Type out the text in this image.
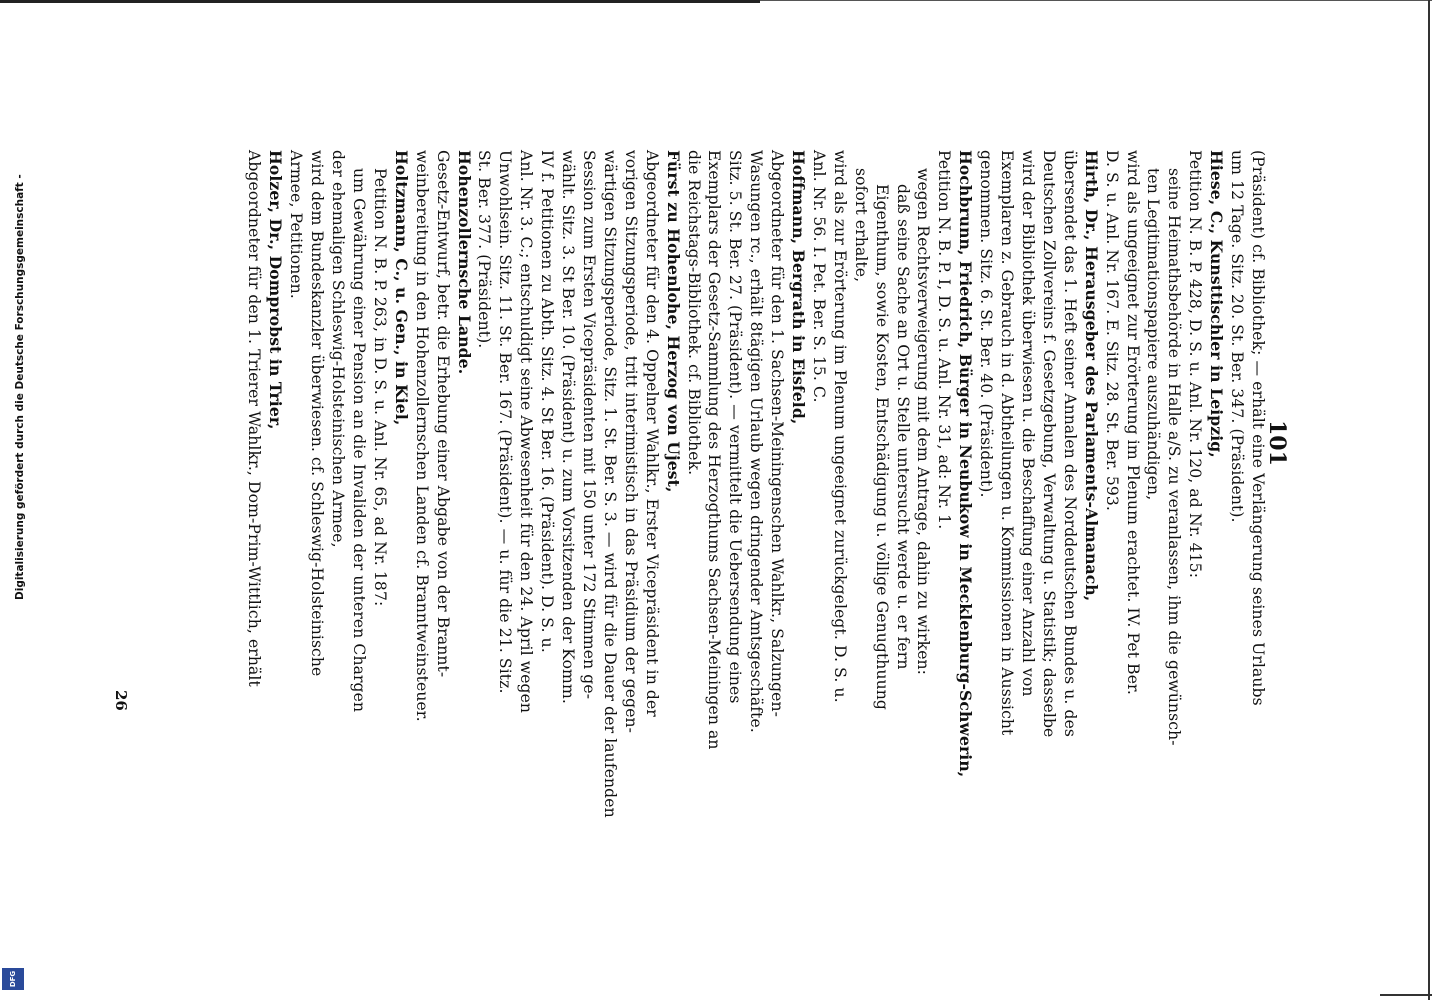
101
(Präsident) cf. Bibliothek; — erhält eine Verlängerung seines Urlaubs
um 12 Tage. Sitz. 20. St. Ber. 347. (Präsident).
Hiese, C., Kunsttischler in Leipzig,
Petition N. B. P. 428, D. S. u. Anl. Nr. 120, ad Nr. 415:
seine Heimathsbehörde in Halle a/S. zu veranlassen, ihm die gewünsch-
ten Legitimationspapiere auszuhändigen,
wird als ungeeignet zur Erörterung im Plenum erachtet. IV. Pet Ber.
D. S. u. Anl. Nr. 167. E. Sitz. 28. St. Ber. 593.
Hirth, Dr., Herausgeber des Parlaments-Almanach,
übersendet das 1. Heft seiner Annalen des Norddeutschen Bundes u. des
Deutschen Zollvereins f. Gesetzgebung, Verwaltung u. Statistik; dasselbe
wird der Bibliothek überwiesen u. die Beschaffung einer Anzahl von
Exemplaren z. Gebrauch in d. Abtheilungen u. Kommissionen in Aussicht
genommen. Sitz. 6. St. Ber. 40. (Präsident).
Hochbrunn, Friedrich, Bürger in Neubukow in Mecklenburg-Schwerin,
Petition N. B. P. I, D. S. u. Anl. Nr. 31, ad: Nr. 1.
wegen Rechtsverweigerung mit dem Antrage, dahin zu wirken:
daß seine Sache an Ort u. Stelle untersucht werde u. er fern
Eigenthum, sowie Kosten, Entschädigung u. völlige Genugthuung
sofort erhalte,
wird als zur Erörterung im Plenum ungeeignet zurückgelegt. D. S. u.
Anl. Nr. 56. I. Pet. Ber. S. 15. C.
Hoffmann, Bergrath in Eisfeld,
Abgeordneter für den 1. Sachsen-Meiningenschen Wahlkr., Salzungen-
Wasungen rc., erhält 8tägigen Urlaub wegen dringender Amtsgeschäfte.
Sitz. 5. St. Ber. 27. (Präsident). — vermittelt die Uebersendung eines
Exemplars der Gesetz-Sammlung des Herzogthums Sachsen-Meiningen an
die Reichstags-Bibliothek. cf. Bibliothek.
Fürst zu Hohenlohe, Herzog von Ujest,
Abgeordneter für den 4. Oppelner Wahlkr., Erster Vicepräsident in der
vorigen Sitzungsperiode, tritt interimistisch in das Präsidium der gegen-
wärtigen Sitzungsperiode, Sitz. 1. St. Ber. S. 3. — wird für die Dauer der laufenden
Session zum Ersten Vicepräsidenten mit 150 unter 172 Stimmen ge-
wählt. Sitz. 3. St Ber. 10. (Präsident) u. zum Vorsitzenden der Komm.
IV f. Petitionen zu Abth. Sitz. 4. St Ber. 16. (Präsident). D. S. u.
Anl. Nr. 3. C.; entschuldigt seine Abwesenheit für den 24. April wegen
Unwohlsein. Sitz. 11. St. Ber. 167. (Präsident). — u. für die 21. Sitz.
St. Ber. 377. (Präsident).
Hohenzollernsche Lande.
Gesetz-Entwurf, betr. die Erhebung einer Abgabe von der Brannt-
weinbereitung in den Hohenzollernschen Landen cf. Branntweinsteuer.
Holtzmann, C., u. Gen., in Kiel,
Petition N. B. P. 263, in D. S. u. Anl. Nr. 65, ad Nr. 187:
um Gewährung einer Pension an die Invaliden der unteren Chargen
der ehemaligen Schleswig-Holsteinischen Armee,
wird dem Bundeskanzler überwiesen. cf. Schleswig-Holsteinische
Armee, Petitionen.
Holzer, Dr., Domprobst in Trier,
Abgeordneter für den 1. Trierer Wahlkr., Dom-Prim-Wittlich, erhält
26
Digitalisierung gefördert durch die Deutsche Forschungsgemeinschaft -
DFG
